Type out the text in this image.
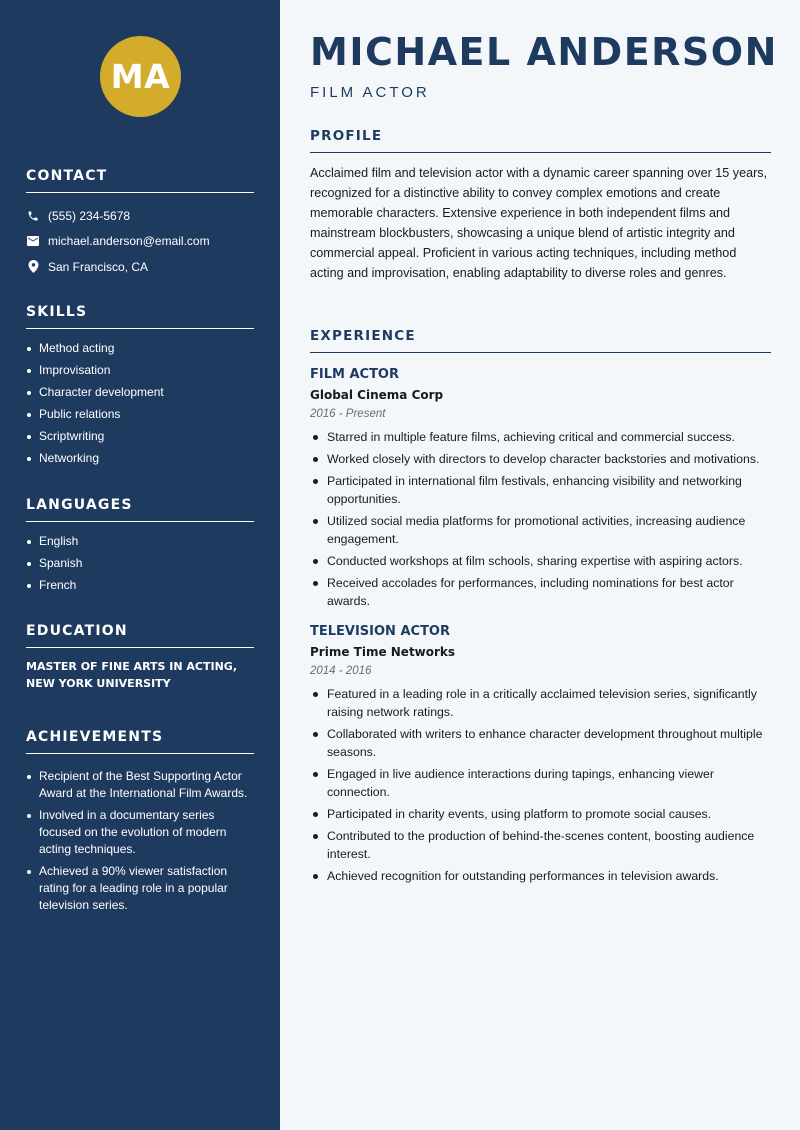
MA
CONTACT
(555) 234-5678
michael.anderson@email.com
San Francisco, CA
SKILLS
Method acting
Improvisation
Character development
Public relations
Scriptwriting
Networking
LANGUAGES
English
Spanish
French
EDUCATION
MASTER OF FINE ARTS IN ACTING, NEW YORK UNIVERSITY
ACHIEVEMENTS
Recipient of the Best Supporting Actor Award at the International Film Awards.
Involved in a documentary series focused on the evolution of modern acting techniques.
Achieved a 90% viewer satisfaction rating for a leading role in a popular television series.
MICHAEL ANDERSON
FILM ACTOR
PROFILE

Acclaimed film and television actor with a dynamic career spanning over 15 years, recognized for a distinctive ability to convey complex emotions and create memorable characters. Extensive experience in both independent films and mainstream blockbusters, showcasing a unique blend of artistic integrity and commercial appeal. Proficient in various acting techniques, including method acting and improvisation, enabling adaptability to diverse roles and genres.

EXPERIENCE
FILM ACTOR
Global Cinema Corp
2016 - Present
Starred in multiple feature films, achieving critical and commercial success.
Worked closely with directors to develop character backstories and motivations.
Participated in international film festivals, enhancing visibility and networking opportunities.
Utilized social media platforms for promotional activities, increasing audience engagement.
Conducted workshops at film schools, sharing expertise with aspiring actors.
Received accolades for performances, including nominations for best actor awards.
TELEVISION ACTOR
Prime Time Networks
2014 - 2016
Featured in a leading role in a critically acclaimed television series, significantly raising network ratings.
Collaborated with writers to enhance character development throughout multiple seasons.
Engaged in live audience interactions during tapings, enhancing viewer connection.
Participated in charity events, using platform to promote social causes.
Contributed to the production of behind-the-scenes content, boosting audience interest.
Achieved recognition for outstanding performances in television awards.
